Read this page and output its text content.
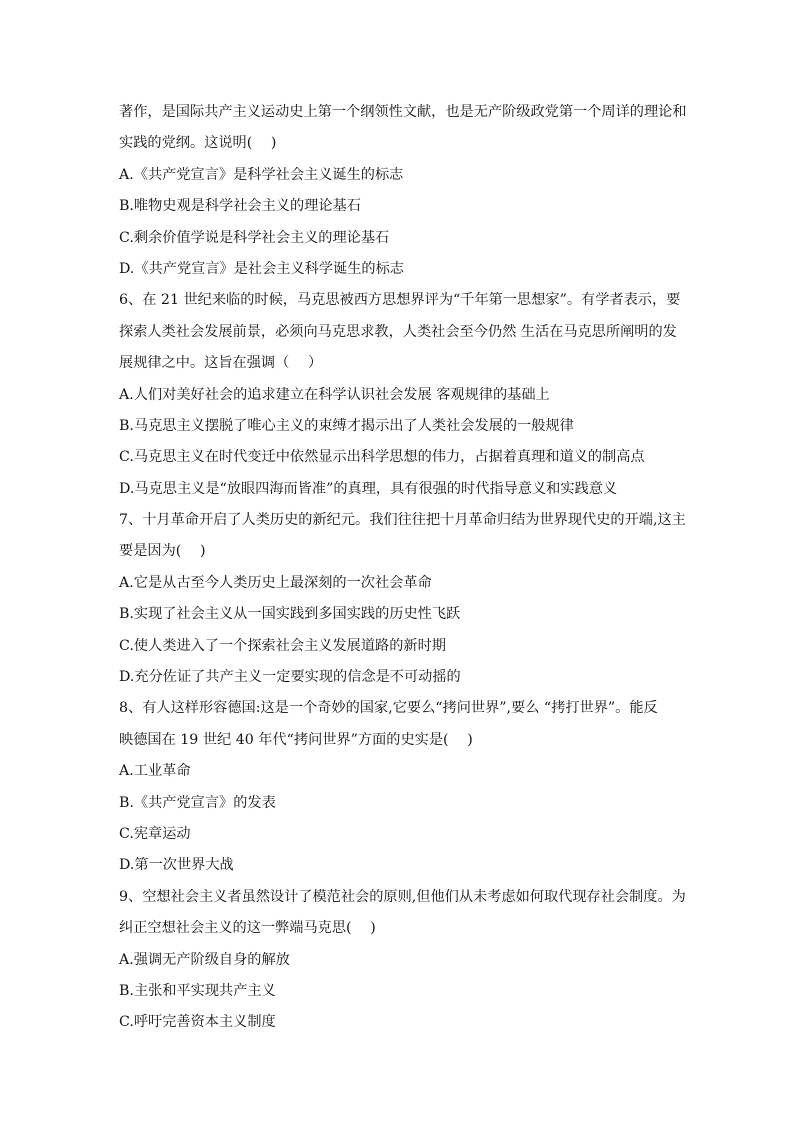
著作，是国际共产主义运动史上第一个纲领性文献，也是无产阶级政党第一个周详的理论和
实践的党纲。这说明(　 )
A.《共产党宣言》是科学社会主义诞生的标志
B.唯物史观是科学社会主义的理论基石
C.剩余价值学说是科学社会主义的理论基石
D.《共产党宣言》是社会主义科学诞生的标志
6、在 21 世纪来临的时候，马克思被西方思想界评为“千年第一思想家”。有学者表示，要
探索人类社会发展前景，必须向马克思求教，人类社会至今仍然 生活在马克思所阐明的发
展规律之中。这旨在强调（　 ）
A.人们对美好社会的追求建立在科学认识社会发展 客观规律的基础上
B.马克思主义摆脱了唯心主义的束缚才揭示出了人类社会发展的一般规律
C.马克思主义在时代变迁中依然显示出科学思想的伟力，占据着真理和道义的制高点
D.马克思主义是“放眼四海而皆准”的真理，具有很强的时代指导意义和实践意义
7、十月革命开启了人类历史的新纪元。我们往往把十月革命归结为世界现代史的开端,这主
要是因为(　 )
A.它是从古至今人类历史上最深刻的一次社会革命
B.实现了社会主义从一国实践到多国实践的历史性飞跃
C.使人类进入了一个探索社会主义发展道路的新时期
D.充分佐证了共产主义一定要实现的信念是不可动摇的
8、有人这样形容德国:这是一个奇妙的国家,它要么“拷问世界”,要么 “拷打世界”。能反
映德国在 19 世纪 40 年代“拷问世界”方面的史实是(　 )
A.工业革命
B.《共产党宣言》的发表
C.宪章运动
D.第一次世界大战
9、空想社会主义者虽然设计了模范社会的原则,但他们从未考虑如何取代现存社会制度。为
纠正空想社会主义的这一弊端马克思(　 )
A.强调无产阶级自身的解放
B.主张和平实现共产主义
C.呼吁完善资本主义制度
